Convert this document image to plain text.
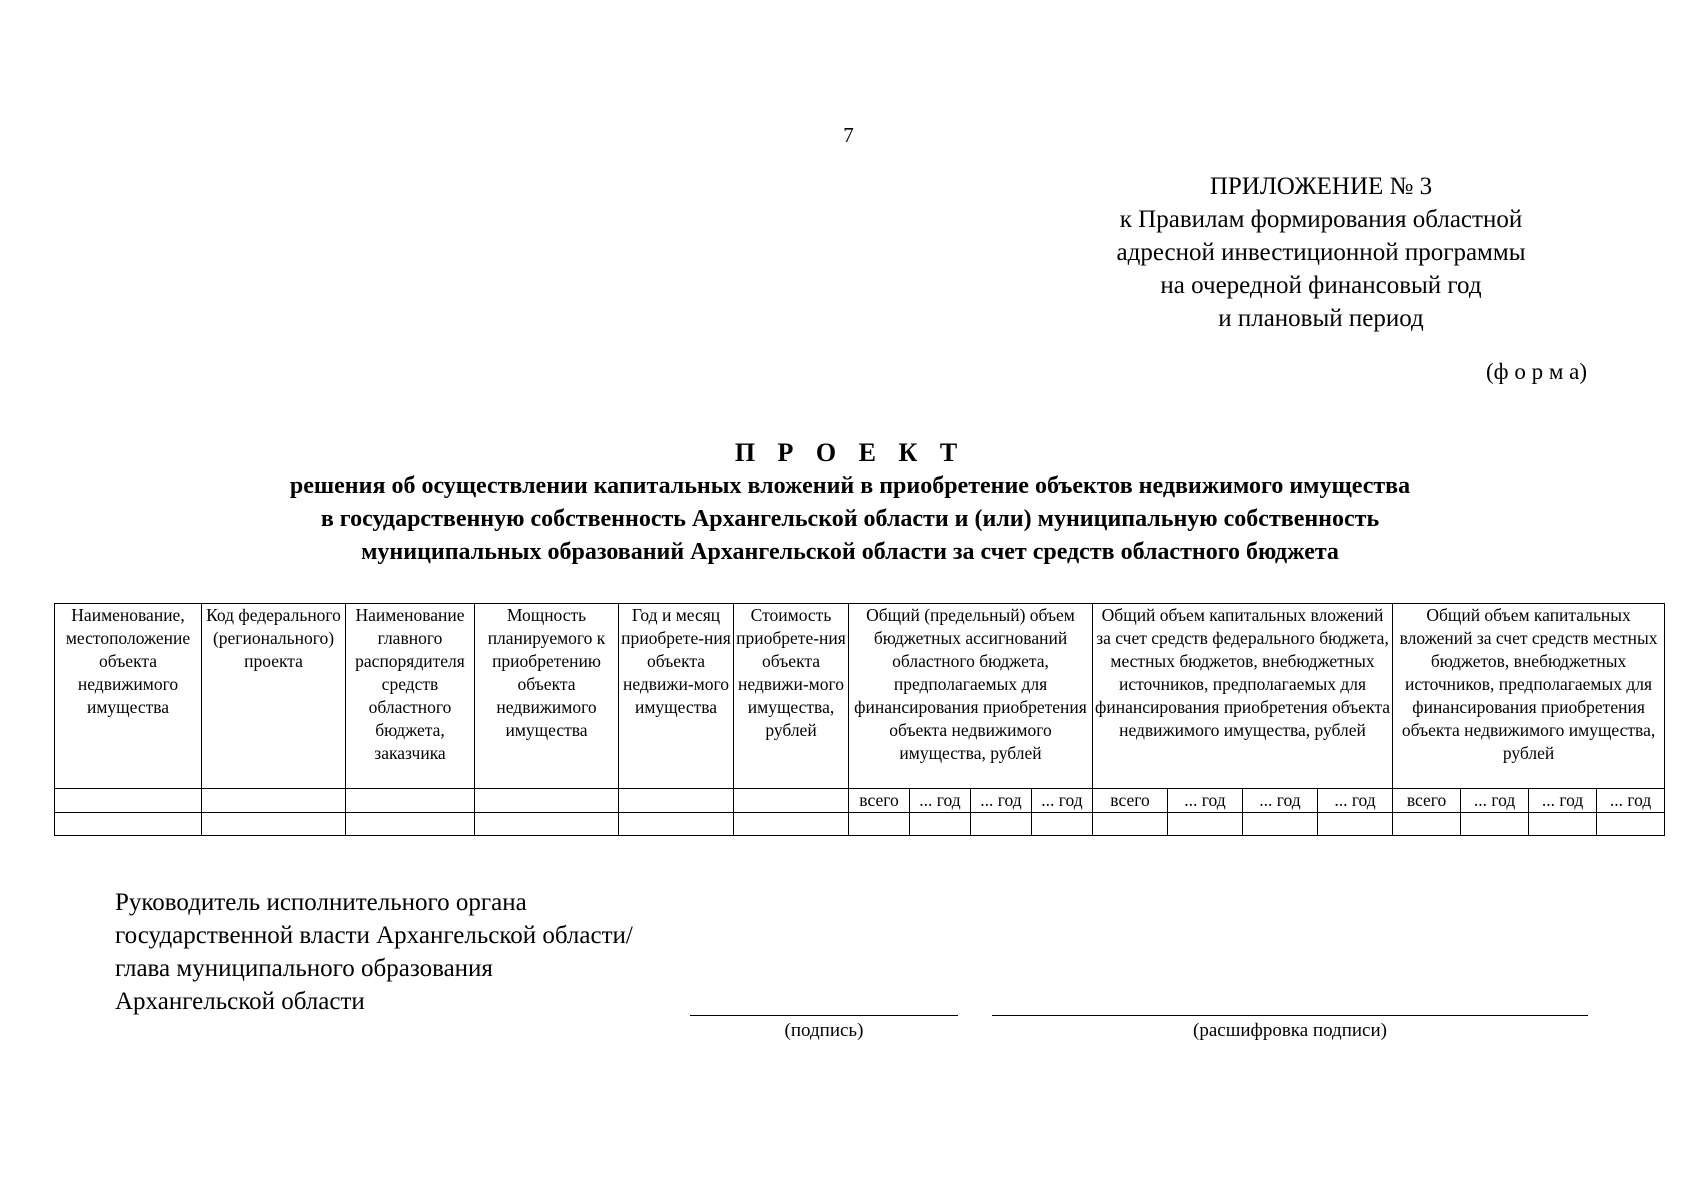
7
ПРИЛОЖЕНИЕ № 3
к Правилам формирования областной
адресной инвестиционной программы
на очередной финансовый год
и плановый период
(ф о р м а)
П Р О Е К Т
решения об осуществлении капитальных вложений в приобретение объектов недвижимого имущества
в государственную собственность Архангельской области и (или) муниципальную собственность
муниципальных образований Архангельской области за счет средств областного бюджета
Наименование, местоположение объекта недвижимого имущества	Код федерального (регионального) проекта	Наименование главного распорядителя средств областного бюджета, заказчика	Мощность планируемого к приобретению объекта недвижимого имущества	Год и месяц приобрете-ния объекта недвижи-мого имущества	Стоимость приобрете-ния объекта недвижи-мого имущества, рублей	Общий (предельный) объем бюджетных ассигнований областного бюджета, предполагаемых для финансирования приобретения объекта недвижимого имущества, рублей				Общий объем капитальных вложений за счет средств федерального бюджета, местных бюджетов, внебюджетных источников, предполагаемых для финансирования приобретения объекта недвижимого имущества, рублей				Общий объем капитальных вложений за счет средств местных бюджетов, внебюджетных источников, предполагаемых для финансирования приобретения объекта недвижимого имущества, рублей			
						всего	... год	... год	... год	всего	... год	... год	... год	всего	... год	... год	... год

Руководитель исполнительного органа
государственной власти Архангельской области/
глава муниципального образования
Архангельской области
(подпись)	(расшифровка подписи)
